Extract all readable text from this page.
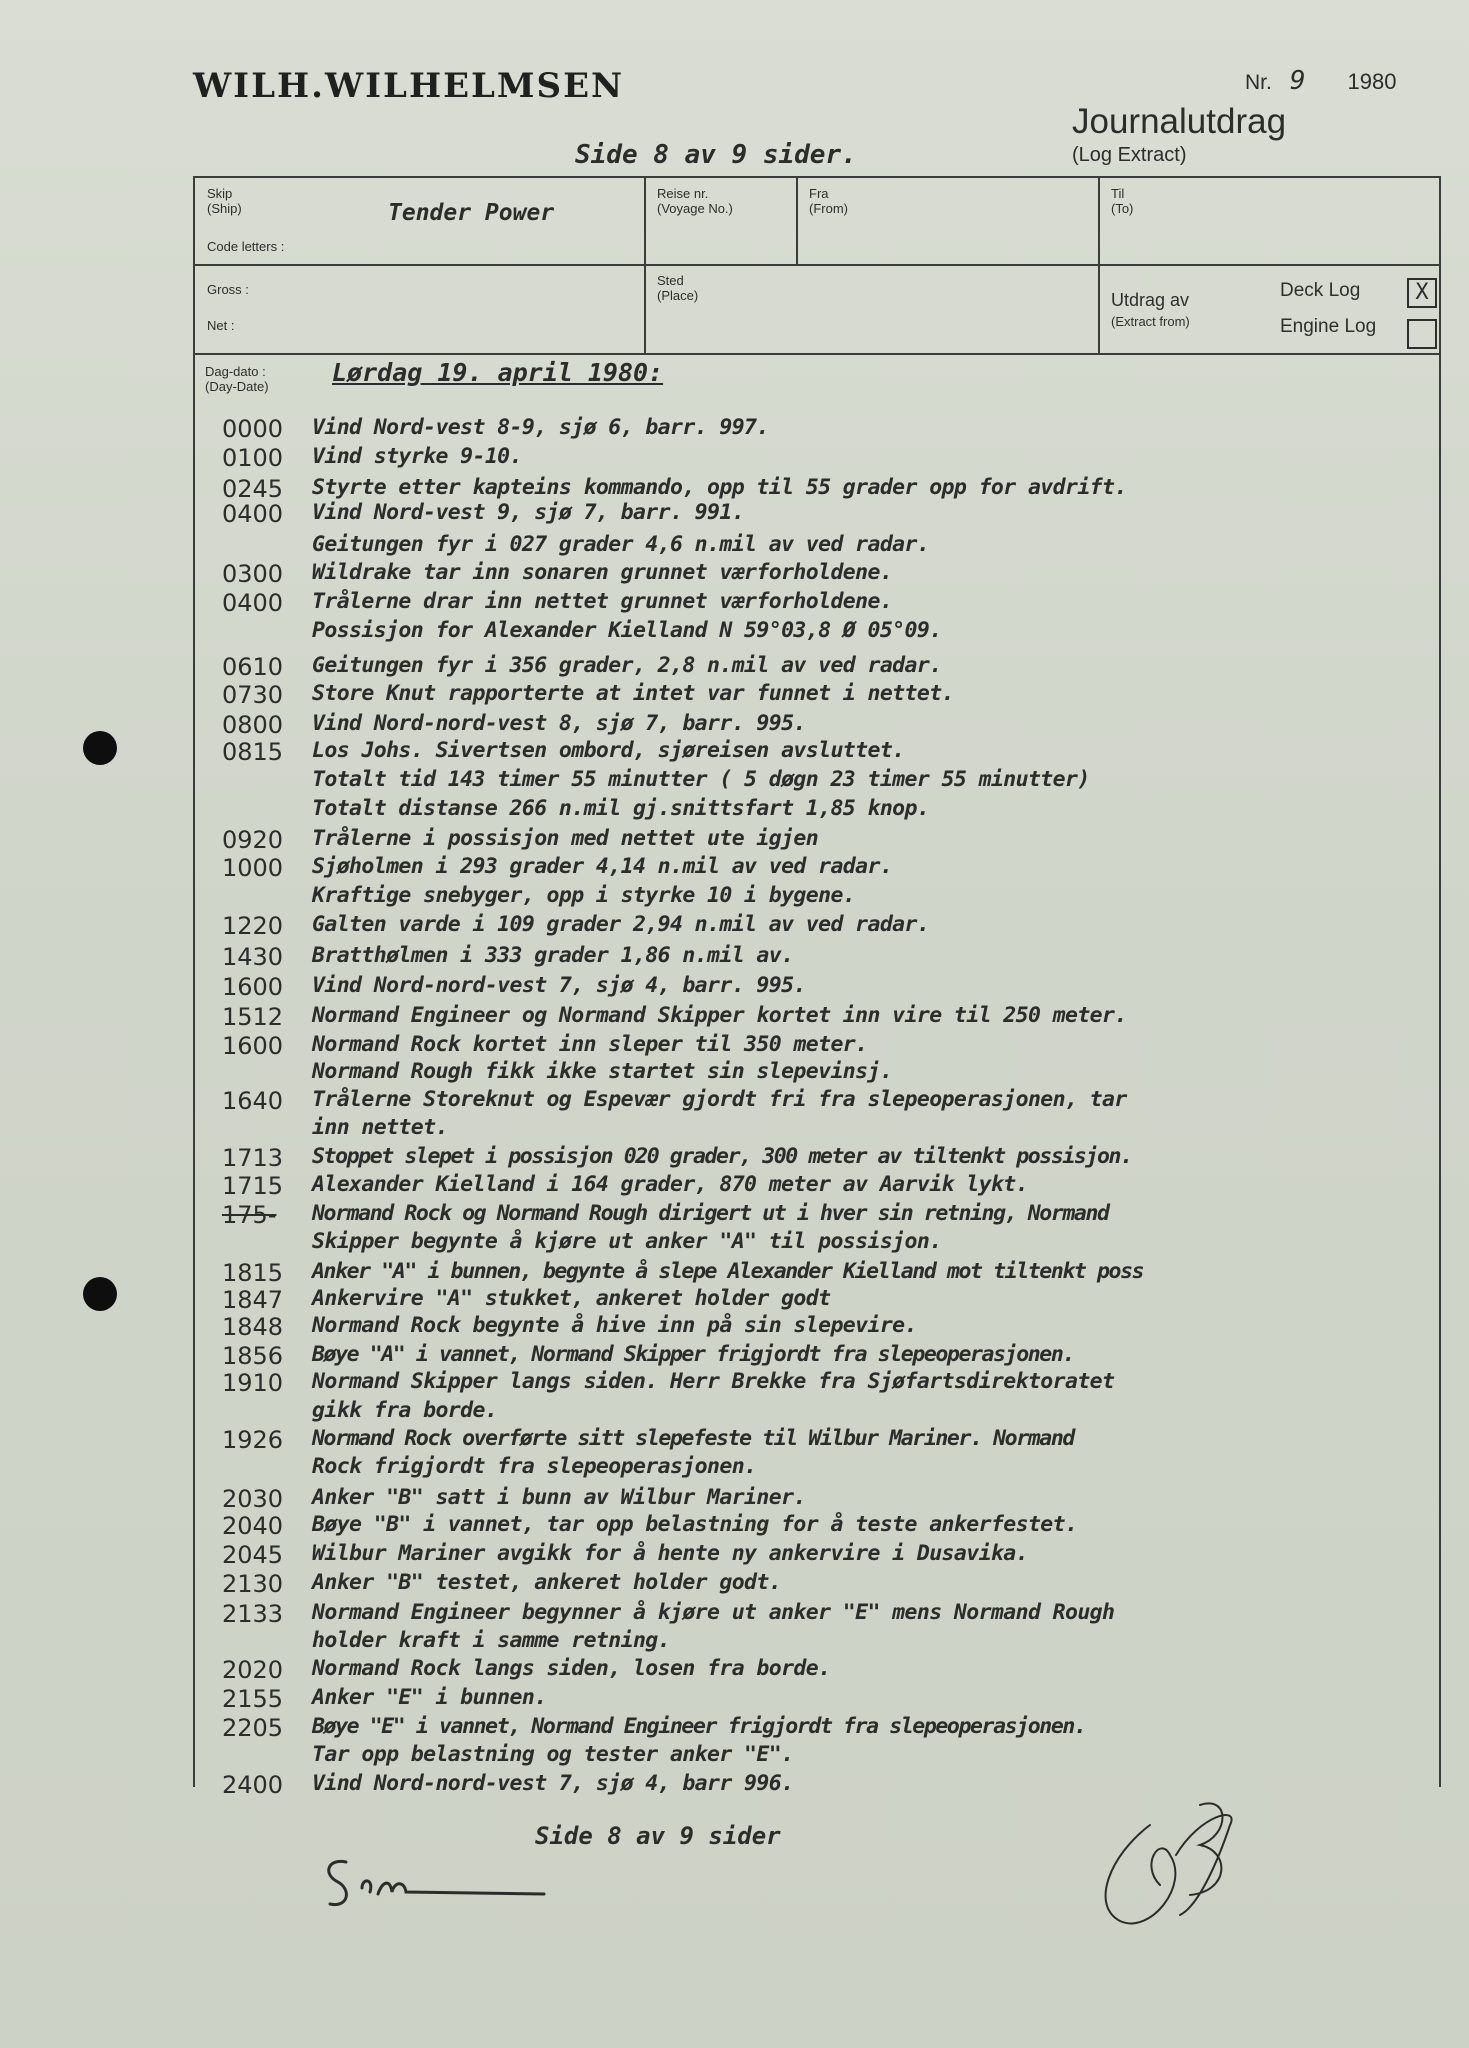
WILH.WILHELMSEN	Nr. 9 1980
Journalutdrag
(Log Extract)
Side 8 av 9 sider.
Skip
(Ship)	Tender Power
Code letters :
Reise nr.
(Voyage No.)
Fra
(From)
Til
(To)
Gross :
Net :
Sted
(Place)	Utdrag av
(Extract from)
Deck Log	X
Engine Log
Dag-dato :
(Day-Date)	Lørdag 19. april 1980:
0000	Vind Nord-vest 8-9, sjø 6, barr. 997.
0100	Vind styrke 9-10.
0245	Styrte etter kapteins kommando, opp til 55 grader opp for avdrift.
0400	Vind Nord-vest 9, sjø 7, barr. 991.
Geitungen fyr i 027 grader 4,6 n.mil av ved radar.
0300	Wildrake tar inn sonaren grunnet værforholdene.
0400	Trålerne drar inn nettet grunnet værforholdene.
Possisjon for Alexander Kielland N 59°03,8 Ø 05°09.
0610	Geitungen fyr i 356 grader, 2,8 n.mil av ved radar.
0730	Store Knut rapporterte at intet var funnet i nettet.
0800	Vind Nord-nord-vest 8, sjø 7, barr. 995.
0815	Los Johs. Sivertsen ombord, sjøreisen avsluttet.
Totalt tid 143 timer 55 minutter ( 5 døgn 23 timer 55 minutter)
Totalt distanse 266 n.mil gj.snittsfart 1,85 knop.
0920	Trålerne i possisjon med nettet ute igjen
1000	Sjøholmen i 293 grader 4,14 n.mil av ved radar.
Kraftige snebyger, opp i styrke 10 i bygene.
1220	Galten varde i 109 grader 2,94 n.mil av ved radar.
1430	Bratthølmen i 333 grader 1,86 n.mil av.
1600	Vind Nord-nord-vest 7, sjø 4, barr. 995.
1512	Normand Engineer og Normand Skipper kortet inn vire til 250 meter.
1600	Normand Rock kortet inn sleper til 350 meter.
Normand Rough fikk ikke startet sin slepevinsj.
1640	Trålerne Storeknut og Espevær gjordt fri fra slepeoperasjonen, tar
inn nettet.
1713	Stoppet slepet i possisjon 020 grader, 300 meter av tiltenkt possisjon.
1715	Alexander Kielland i 164 grader, 870 meter av Aarvik lykt.
175-	Normand Rock og Normand Rough dirigert ut i hver sin retning, Normand
Skipper begynte å kjøre ut anker "A" til possisjon.
1815	Anker "A" i bunnen, begynte å slepe Alexander Kielland mot tiltenkt poss
1847	Ankervire "A" stukket, ankeret holder godt
1848	Normand Rock begynte å hive inn på sin slepevire.
1856	Bøye "A" i vannet, Normand Skipper frigjordt fra slepeoperasjonen.
1910	Normand Skipper langs siden. Herr Brekke fra Sjøfartsdirektoratet
gikk fra borde.
1926	Normand Rock overførte sitt slepefeste til Wilbur Mariner. Normand
Rock frigjordt fra slepeoperasjonen.
2030	Anker "B" satt i bunn av Wilbur Mariner.
2040	Bøye "B" i vannet, tar opp belastning for å teste ankerfestet.
2045	Wilbur Mariner avgikk for å hente ny ankervire i Dusavika.
2130	Anker "B" testet, ankeret holder godt.
2133	Normand Engineer begynner å kjøre ut anker "E" mens Normand Rough
holder kraft i samme retning.
2020	Normand Rock langs siden, losen fra borde.
2155	Anker "E" i bunnen.
2205	Bøye "E" i vannet, Normand Engineer frigjordt fra slepeoperasjonen.
Tar opp belastning og tester anker "E".
2400	Vind Nord-nord-vest 7, sjø 4, barr 996.
Side 8 av 9 sider
